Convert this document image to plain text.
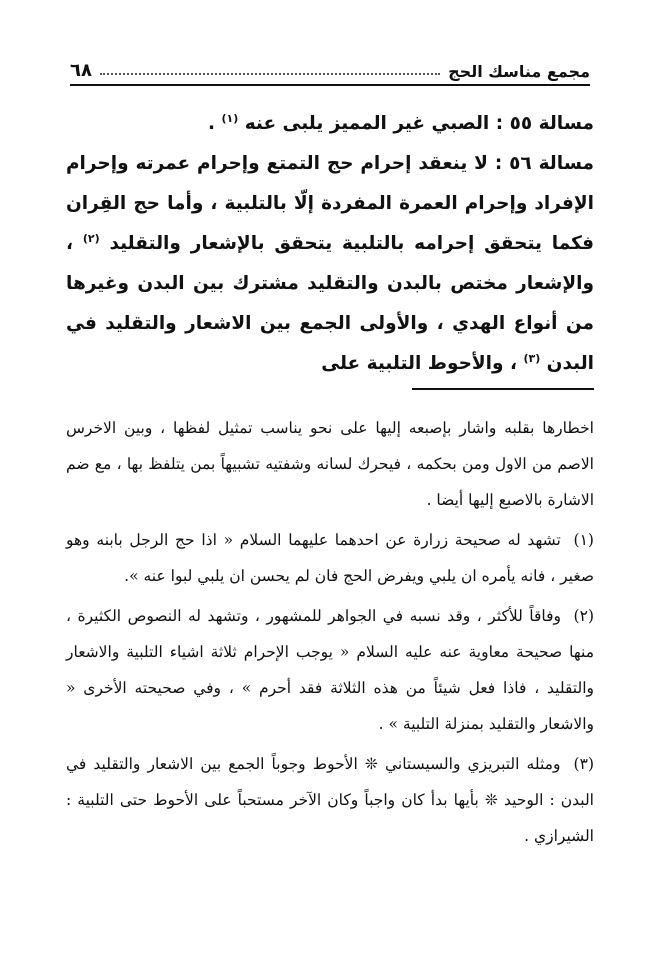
مجمع مناسك الحج
٦٨

مسالة ٥٥ : الصبي غير المميز يلبى عنه $^{(١)}$ .

مسالة ٥٦ : لا ينعقد إحرام حج التمتع وإحرام عمرته وإحرام الإفراد وإحرام العمرة المفردة إلّا بالتلبية ، وأما حج القِران فكما يتحقق إحرامه بالتلبية يتحقق بالإشعار والتقليد $^{(٢)}$ ، والإشعار مختص بالبدن والتقليد مشترك بين البدن وغيرها من أنواع الهدي ، والأولى الجمع بين الاشعار والتقليد في البدن $^{(٣)}$ ، والأحوط التلبية على

اخطارها بقلبه واشار بإصبعه إليها على نحو يناسب تمثيل لفظها ، وبين الاخرس الاصم من الاول ومن بحكمه ، فيحرك لسانه وشفتيه تشبيهاً بمن يتلفظ بها ، مع ضم الاشارة بالاصبع إليها أيضا .

(١) تشهد له صحيحة زرارة عن احدهما عليهما السلام « اذا حج الرجل بابنه وهو صغير ، فانه يأمره ان يلبي ويفرض الحج فان لم يحسن ان يلبي لبوا عنه ».

(٢) وفاقاً للأكثر ، وقد نسبه في الجواهر للمشهور ، وتشهد له النصوص الكثيرة ، منها صحيحة معاوية عنه عليه السلام « يوجب الإحرام ثلاثة اشياء التلبية والاشعار والتقليد ، فاذا فعل شيئاً من هذه الثلاثة فقد أحرم » ، وفي صحيحته الأخرى « والاشعار والتقليد بمنزلة التلبية » .

(٣) ومثله التبريزي والسيستاني ❊ الأحوط وجوباً الجمع بين الاشعار والتقليد في البدن : الوحيد ❊ بأيها بدأ كان واجباً وكان الآخر مستحباً على الأحوط حتى التلبية : الشيرازي .
